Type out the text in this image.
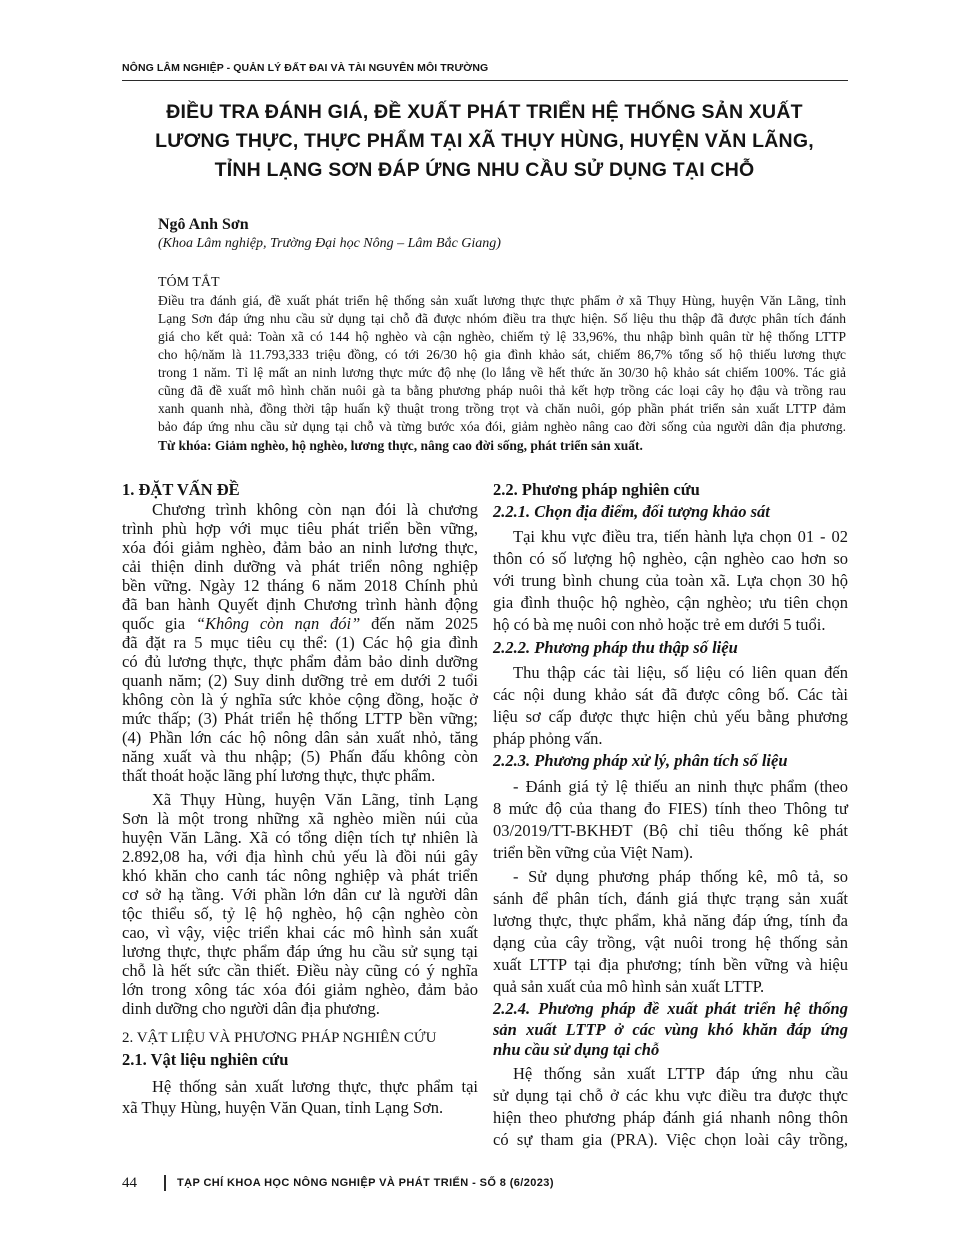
NÔNG LÂM NGHIỆP - QUẢN LÝ ĐẤT ĐAI VÀ TÀI NGUYÊN MÔI TRƯỜNG
ĐIỀU TRA ĐÁNH GIÁ, ĐỀ XUẤT PHÁT TRIỂN HỆ THỐNG SẢN XUẤT
LƯƠNG THỰC, THỰC PHẨM TẠI XÃ THỤY HÙNG, HUYỆN VĂN LÃNG,
TỈNH LẠNG SƠN ĐÁP ỨNG NHU CẦU SỬ DỤNG TẠI CHỖ
Ngô Anh Sơn
(Khoa Lâm nghiệp, Trường Đại học Nông – Lâm Bắc Giang)
TÓM TẮT
Điều tra đánh giá, đề xuất phát triển hệ thống sản xuất lương thực thực phẩm ở xã Thụy Hùng, huyện Văn Lãng, tỉnh
Lạng Sơn đáp ứng nhu cầu sử dụng tại chỗ đã được nhóm điều tra thực hiện. Số liệu thu thập đã được phân tích đánh
giá cho kết quả: Toàn xã có 144 hộ nghèo và cận nghèo, chiếm tỷ lệ 33,96%, thu nhập bình quân từ hệ thống LTTP
cho hộ/năm là 11.793,333 triệu đồng, có tới 26/30 hộ gia đình khảo sát, chiếm 86,7% tổng số hộ thiếu lương thực
trong 1 năm. Tỉ lệ mất an ninh lương thực mức độ nhẹ (lo lắng về hết thức ăn 30/30 hộ khảo sát chiếm 100%. Tác giả
cũng đã đề xuất mô hình chăn nuôi gà ta bằng phương pháp nuôi thả kết hợp trồng các loại cây họ đậu và trồng rau
xanh quanh nhà, đồng thời tập huấn kỹ thuật trong trồng trọt và chăn nuôi, góp phần phát triển sản xuất LTTP đảm
bảo đáp ứng nhu cầu sử dụng tại chỗ và từng bước xóa đói, giảm nghèo nâng cao đời sống của người dân địa phương.
Từ khóa: Giảm nghèo, hộ nghèo, lương thực, nâng cao đời sống, phát triển sản xuất.
1. ĐẶT VẤN ĐỀ
Chương trình không còn nạn đói là chương
trình phù hợp với mục tiêu phát triển bền vững,
xóa đói giảm nghèo, đảm bảo an ninh lương thực,
cải thiện dinh dưỡng và phát triển nông nghiệp
bền vững. Ngày 12 tháng 6 năm 2018 Chính phủ
đã ban hành Quyết định Chương trình hành động
quốc gia “Không còn nạn đói” đến năm 2025
đã đặt ra 5 mục tiêu cụ thể: (1) Các hộ gia đình
có đủ lương thực, thực phẩm đảm bảo dinh dưỡng
quanh năm; (2) Suy dinh dưỡng trẻ em dưới 2 tuổi
không còn là ý nghĩa sức khỏe cộng đồng, hoặc ở
mức thấp; (3) Phát triển hệ thống LTTP bền vững;
(4) Phần lớn các hộ nông dân sản xuất nhỏ, tăng
năng xuất và thu nhập; (5) Phấn đấu không còn
thất thoát hoặc lãng phí lương thực, thực phẩm.
Xã Thụy Hùng, huyện Văn Lãng, tỉnh Lạng
Sơn là một trong những xã nghèo miền núi của
huyện Văn Lãng. Xã có tổng diện tích tự nhiên là
2.892,08 ha, với địa hình chủ yếu là đồi núi gây
khó khăn cho canh tác nông nghiệp và phát triển
cơ sở hạ tầng. Với phần lớn dân cư là người dân
tộc thiểu số, tỷ lệ hộ nghèo, hộ cận nghèo còn
cao, vì vậy, việc triển khai các mô hình sản xuất
lương thực, thực phẩm đáp ứng hu cầu sử sụng tại
chỗ là hết sức cần thiết. Điều này cũng có ý nghĩa
lớn trong xông tác xóa đói giảm nghèo, đảm bảo
dinh dưỡng cho người dân địa phương.
2. VẬT LIỆU VÀ PHƯƠNG PHÁP NGHIÊN CỨU
2.1. Vật liệu nghiên cứu
Hệ thống sản xuất lương thực, thực phẩm tại
xã Thụy Hùng, huyện Văn Quan, tỉnh Lạng Sơn.
2.2. Phương pháp nghiên cứu
2.2.1. Chọn địa điểm, đối tượng khảo sát
Tại khu vực điều tra, tiến hành lựa chọn 01 - 02
thôn có số lượng hộ nghèo, cận nghèo cao hơn so
với trung bình chung của toàn xã. Lựa chọn 30 hộ
gia đình thuộc hộ nghèo, cận nghèo; ưu tiên chọn
hộ có bà mẹ nuôi con nhỏ hoặc trẻ em dưới 5 tuổi.
2.2.2. Phương pháp thu thập số liệu
Thu thập các tài liệu, số liệu có liên quan đến
các nội dung khảo sát đã được công bố. Các tài
liệu sơ cấp được thực hiện chủ yếu bằng phương
pháp phỏng vấn.
2.2.3. Phương pháp xử lý, phân tích số liệu
- Đánh giá tỷ lệ thiếu an ninh thực phẩm (theo
8 mức độ của thang đo FIES) tính theo Thông tư
03/2019/TT-BKHĐT (Bộ chỉ tiêu thống kê phát
triển bền vững của Việt Nam).
- Sử dụng phương pháp thống kê, mô tả, so
sánh để phân tích, đánh giá thực trạng sản xuất
lương thực, thực phẩm, khả năng đáp ứng, tính đa
dạng của cây trồng, vật nuôi trong hệ thống sản
xuất LTTP tại địa phương; tính bền vững và hiệu
quả sản xuất của mô hình sản xuất LTTP.
2.2.4. Phương pháp đề xuất phát triển hệ thống
sản xuất LTTP ở các vùng khó khăn đáp ứng
nhu cầu sử dụng tại chỗ
Hệ thống sản xuất LTTP đáp ứng nhu cầu
sử dụng tại chỗ ở các khu vực điều tra được thực
hiện theo phương pháp đánh giá nhanh nông thôn
có sự tham gia (PRA). Việc chọn loài cây trồng,
44	TẠP CHÍ KHOA HỌC NÔNG NGHIỆP VÀ PHÁT TRIỂN - SỐ 8 (6/2023)
